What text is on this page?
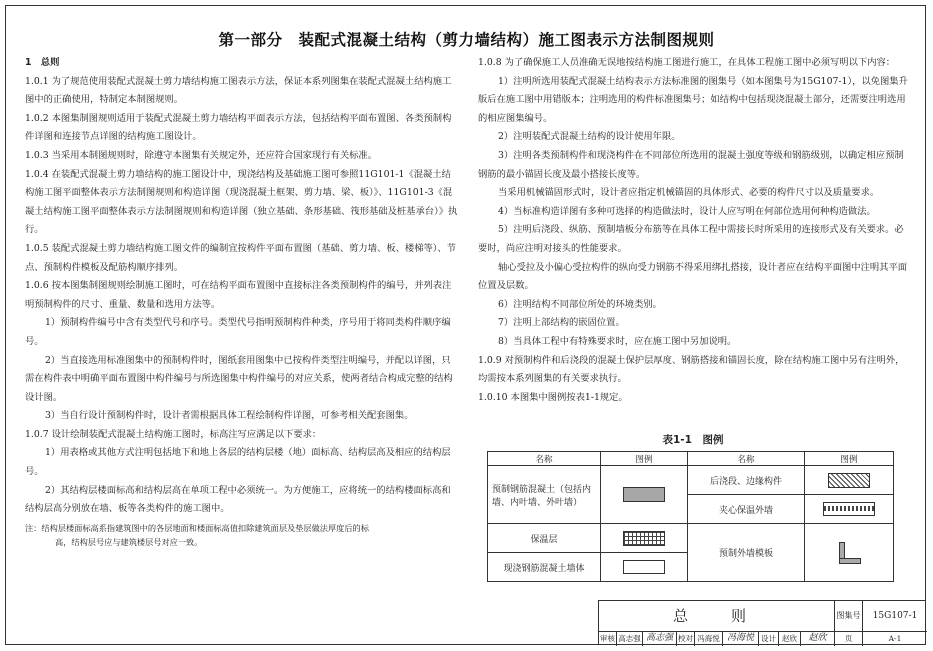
第一部分　装配式混凝土结构（剪力墙结构）施工图表示方法制图规则

1　总则

1.0.1 为了规范使用装配式混凝土剪力墙结构施工图表示方法，保证本系列图集在装配式混凝土结构施工图中的正确使用，特制定本制图规则。

1.0.2 本图集制图规则适用于装配式混凝土剪力墙结构平面表示方法，包括结构平面布置图、各类预制构件详图和连接节点详图的结构施工图设计。

1.0.3 当采用本制图规则时，除遵守本图集有关规定外，还应符合国家现行有关标准。

1.0.4 在装配式混凝土剪力墙结构的施工图设计中，现浇结构及基础施工图可参照11G101-1《混凝土结构施工图平面整体表示方法制图规则和构造详图（现浇混凝土框架、剪力墙、梁、板）》、11G101-3《混凝土结构施工图平面整体表示方法制图规则和构造详图（独立基础、条形基础、筏形基础及桩基承台）》执行。

1.0.5 装配式混凝土剪力墙结构施工图文件的编制宜按构件平面布置图（基础、剪力墙、板、楼梯等）、节点、预制构件模板及配筋构顺序排列。

1.0.6 按本图集制图规则绘制施工图时，可在结构平面布置图中直接标注各类预制构件的编号，并列表注明预制构件的尺寸、重量、数量和选用方法等。

1）预制构件编号中含有类型代号和序号。类型代号指明预制构件种类，序号用于将同类构件顺序编号。

2）当直接选用标准图集中的预制构件时，图纸套用图集中已按构件类型注明编号，并配以详图，只需在构件表中明确平面布置图中构件编号与所选图集中构件编号的对应关系，使两者结合构成完整的结构设计图。

3）当自行设计预制构件时，设计者需根据具体工程绘制构件详图，可参考相关配套图集。

1.0.7 设计绘制装配式混凝土结构施工图时，标高注写应满足以下要求：

1）用表格或其他方式注明包括地下和地上各层的结构层楼（地）面标高、结构层高及相应的结构层号。

2）其结构层楼面标高和结构层高在单项工程中必须统一。为方便施工，应将统一的结构楼面标高和结构层高分别放在墙、板等各类构件的施工图中。

注：结构层楼面标高系指建筑图中的各层地面和楼面标高值扣除建筑面层及垫层做法厚度后的标
高，结构层号应与建筑楼层号对应一致。

1.0.8 为了确保施工人员准确无误地按结构施工图进行施工，在具体工程施工图中必须写明以下内容：

1）注明所选用装配式混凝土结构表示方法标准图的图集号（如本图集号为15G107-1），以免图集升版后在施工图中用错版本；注明选用的构件标准图集号；如结构中包括现浇混凝土部分，还需要注明选用的相应图集编号。

2）注明装配式混凝土结构的设计使用年限。

3）注明各类预制构件和现浇构件在不同部位所选用的混凝土强度等级和钢筋级别，以确定相应预制钢筋的最小锚固长度及最小搭接长度等。

当采用机械锚固形式时，设计者应指定机械锚固的具体形式、必要的构件尺寸以及质量要求。

4）当标准构造详图有多种可选择的构造做法时，设计人应写明在何部位选用何种构造做法。

5）注明后浇段、纵筋、预制墙板分布筋等在具体工程中需接长时所采用的连接形式及有关要求。必要时，尚应注明对接头的性能要求。

轴心受拉及小偏心受拉构件的纵向受力钢筋不得采用绑扎搭接，设计者应在结构平面图中注明其平面位置及层数。

6）注明结构不同部位所处的环境类别。

7）注明上部结构的嵌固位置。

8）当具体工程中有特殊要求时，应在施工图中另加说明。

1.0.9 对预制构件和后浇段的混凝土保护层厚度、钢筋搭接和锚固长度，除在结构施工图中另有注明外，均需按本系列图集的有关要求执行。

1.0.10 本图集中图例按表1-1规定。

表1-1　图例
名称	图例	名称	图例
预制钢筋混凝土（包括内墙、内叶墙、外叶墙）		后浇段、边缘构件	
		夹心保温外墙	
保温层		预制外墙模板	
现浇钢筋混凝土墙体			
总　则	图集号	15G107-1
审核 高志强 高志强 校对 冯海悦 冯海悦 设计 赵欣	赵欣	页	A-1
